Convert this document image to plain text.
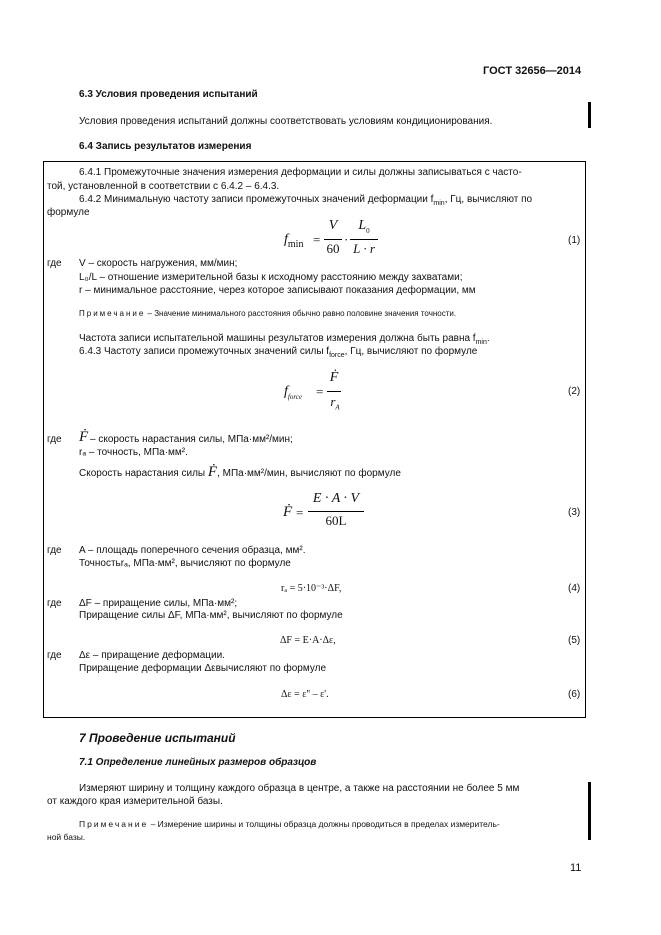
ГОСТ 32656—2014
6.3 Условия проведения испытаний
Условия проведения испытаний должны соответствовать условиям кондиционирования.
6.4 Запись результатов измерения
6.4.1 Промежуточные значения измерения деформации и силы должны записываться с часто-
той, установленной в соответствии с 6.4.2 – 6.4.3.
6.4.2 Минимальную частоту записи промежуточных значений деформации $f_{min}$, Гц, вычисляют по
формуле
$f_{min}$ =
V
60
·
$L_0$
L · r
(1)
где V – скорость нагружения, мм/мин;
L₀/L – отношение измерительной базы к исходному расстоянию между захватами;
r – минимальное расстояние, через которое записывают показания деформации, мм
Примечание – Значение минимального расстояния обычно равно половине значения точности.
Частота записи испытательной машины результатов измерения должна быть равна $f_{min}$.
6.4.3 Частоту записи промежуточных значений силы $f_{force}$, Гц, вычисляют по формуле
$f_{force}$ =
Ḟ
$r_A$
(2)
где Ḟ – скорость нарастания силы, МПа·мм²/мин;
rₐ – точность, МПа·мм².
Скорость нарастания силы Ḟ, МПа·мм²/мин, вычисляют по формуле
Ḟ =
E · A · V
60L
(3)
где A – площадь поперечного сечения образца, мм².
Точностьrₐ, МПа·мм², вычисляют по формуле
rₐ = 5·10⁻³·ΔF,	(4)
где ΔF – приращение силы, МПа·мм²;
Приращение силы ΔF, МПа·мм², вычисляют по формуле
ΔF = E·A·Δε,	(5)
где Δε – приращение деформации.
Приращение деформации Δεвычисляют по формуле
Δε = ε'' – ε'.	(6)
7 Проведение испытаний
7.1 Определение линейных размеров образцов
Измеряют ширину и толщину каждого образца в центре, а также на расстоянии не более 5 мм
от каждого края измерительной базы.
Примечание – Измерение ширины и толщины образца должны проводиться в пределах измеритель-
ной базы.
11
